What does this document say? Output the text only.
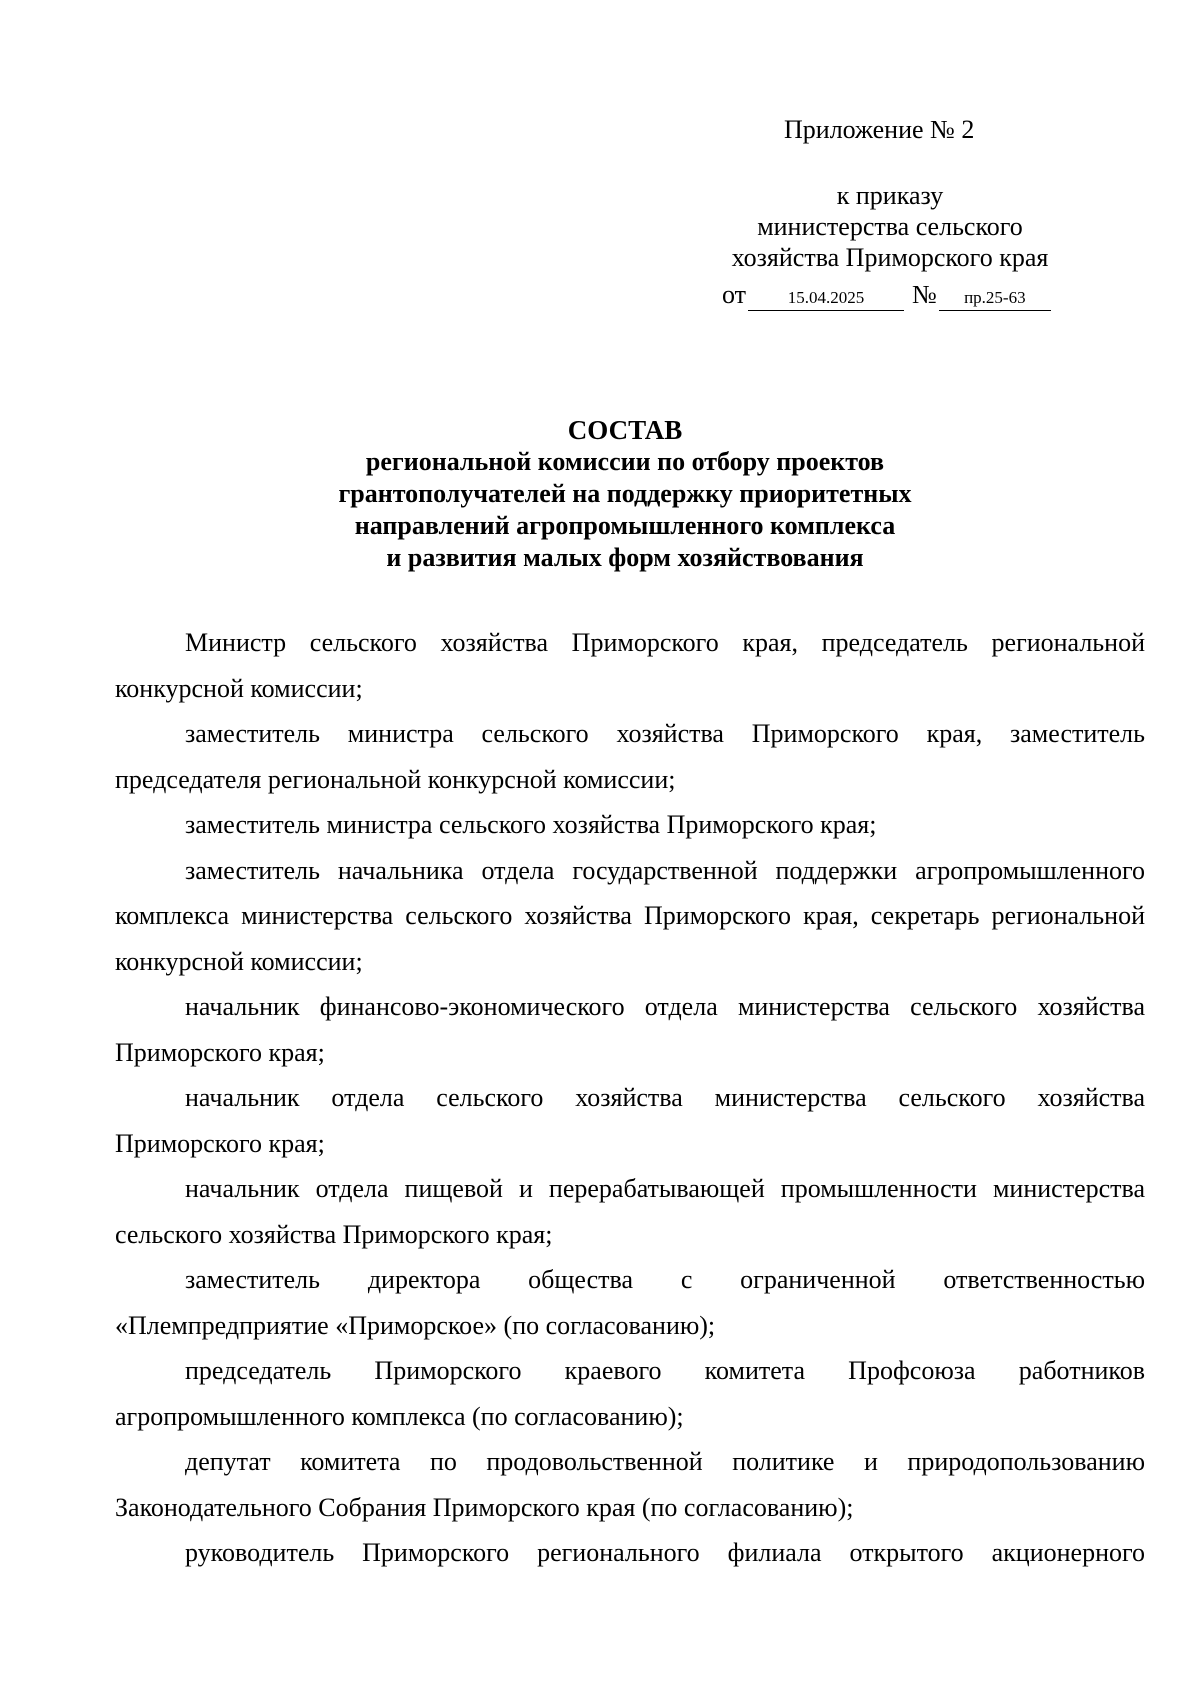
Приложение № 2
к приказу
министерства сельского
хозяйства Приморского края
от 15.04.2025 № пр.25-63
СОСТАВ
региональной комиссии по отбору проектов
грантополучателей на поддержку приоритетных
направлений агропромышленного комплекса
и развития малых форм хозяйствования

Министр сельского хозяйства Приморского края, председатель региональной конкурсной комиссии;

заместитель министра сельского хозяйства Приморского края, заместитель председателя региональной конкурсной комиссии;

заместитель министра сельского хозяйства Приморского края;

заместитель начальника отдела государственной поддержки агропромышленного комплекса министерства сельского хозяйства Приморского края, секретарь региональной конкурсной комиссии;

начальник финансово-экономического отдела министерства сельского хозяйства Приморского края;

начальник отдела сельского хозяйства министерства сельского хозяйства Приморского края;

начальник отдела пищевой и перерабатывающей промышленности министерства сельского хозяйства Приморского края;

заместитель директора общества с ограниченной ответственностью «Племпредприятие «Приморское» (по согласованию);

председатель Приморского краевого комитета Профсоюза работников агропромышленного комплекса (по согласованию);

депутат комитета по продовольственной политике и природопользованию Законодательного Собрания Приморского края (по согласованию);

руководитель Приморского регионального филиала открытого акционерного
